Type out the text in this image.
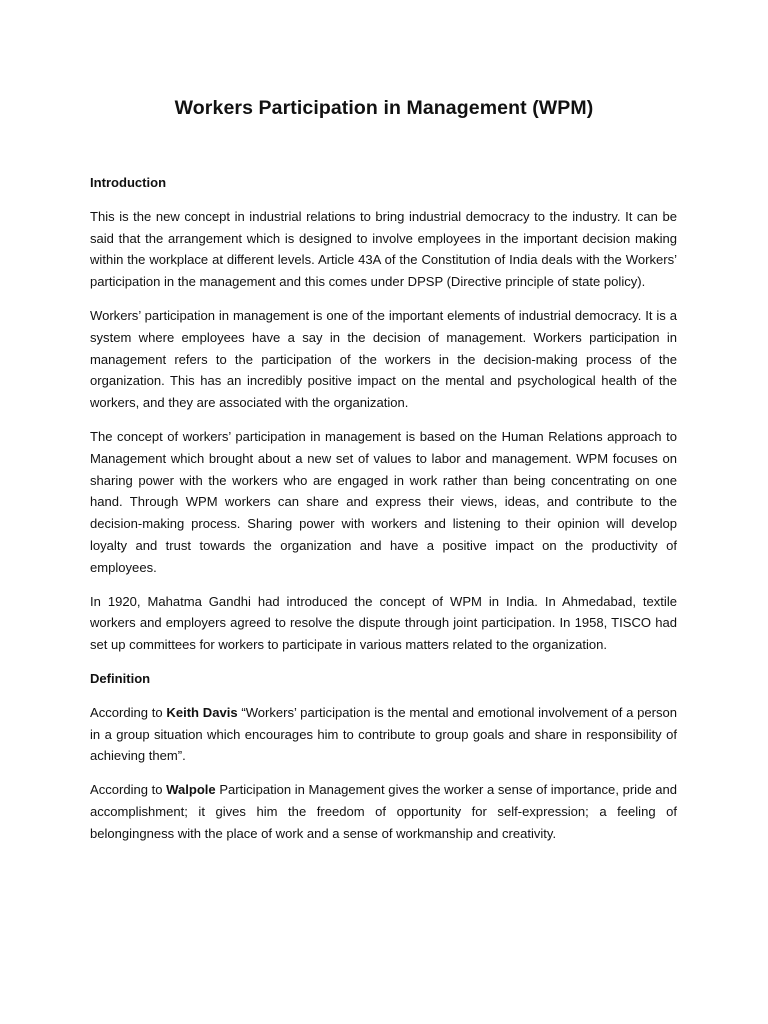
Workers Participation in Management (WPM)
Introduction

This is the new concept in industrial relations to bring industrial democracy to the industry. It can be said that the arrangement which is designed to involve employees in the important decision making within the workplace at different levels. Article 43A of the Constitution of India deals with the Workers’ participation in the management and this comes under DPSP (Directive principle of state policy).

Workers’ participation in management is one of the important elements of industrial democracy. It is a system where employees have a say in the decision of management. Workers participation in management refers to the participation of the workers in the decision-making process of the organization. This has an incredibly positive impact on the mental and psychological health of the workers, and they are associated with the organization.

The concept of workers’ participation in management is based on the Human Relations approach to Management which brought about a new set of values to labor and management. WPM focuses on sharing power with the workers who are engaged in work rather than being concentrating on one hand. Through WPM workers can share and express their views, ideas, and contribute to the decision-making process. Sharing power with workers and listening to their opinion will develop loyalty and trust towards the organization and have a positive impact on the productivity of employees.

In 1920, Mahatma Gandhi had introduced the concept of WPM in India. In Ahmedabad, textile workers and employers agreed to resolve the dispute through joint participation. In 1958, TISCO had set up committees for workers to participate in various matters related to the organization.

Definition

According to Keith Davis “Workers’ participation is the mental and emotional involvement of a person in a group situation which encourages him to contribute to group goals and share in responsibility of achieving them”.

According to Walpole Participation in Management gives the worker a sense of importance, pride and accomplishment; it gives him the freedom of opportunity for self-expression; a feeling of belongingness with the place of work and a sense of workmanship and creativity.
